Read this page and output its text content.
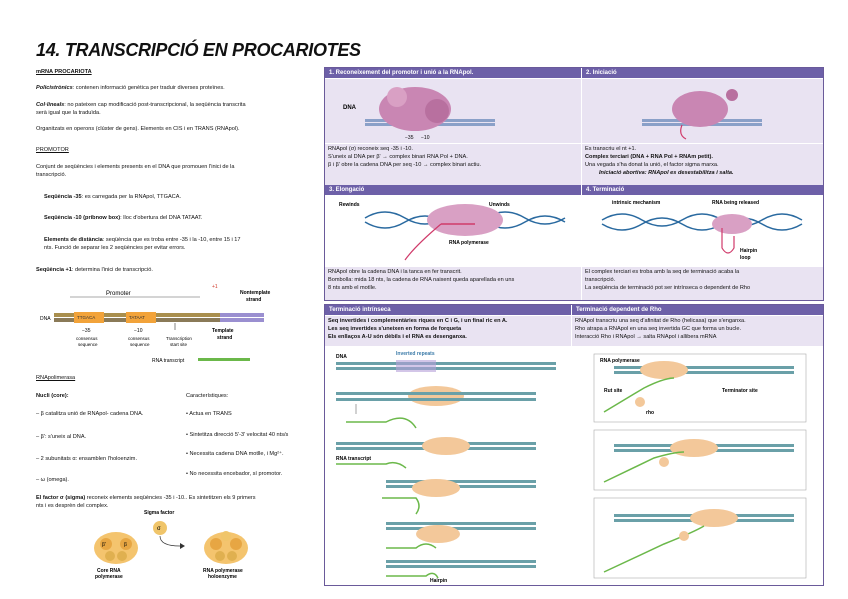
14. TRANSCRIPCIÓ EN PROCARIOTES
mRNA PROCARIOTA
Policistrònics: contenen informació genètica per traduir diverses proteïnes.
Col·lineals: no pateixen cap modificació post-transcripcional, la seqüència transcrita
serà igual que la traduïda.
Organitzats en operons (clúster de gens). Elements en CIS i en TRANS (RNApol).
PROMOTOR
Conjunt de seqüències i elements presents en el DNA que promouen l'inici de la
transcripció.
Seqüència -35: es carregada per la RNApol, TTGACA.
Seqüència -10 (pribnow box): lloc d'obertura del DNA TATAAT.
Elements de distància: seqüència que es troba entre -35 i la -10, entre 15 i 17
nts. Funció de separar les 2 seqüències per evitar errors.
Seqüència +1: determina l'inici de transcripció.
+1
Promoter	Nontemplate
strand
DNA	TTGACA	TATAAT
−35	−10
consensus
sequence
consensus
sequence
Transcription
start site
Template
strand
RNA transcript
RNApolimerasa
Nucli (core):
– β catalitza unió de RNApol- cadena DNA.
– β': s'uneix al DNA.
– 2 subunitats α: ensamblen l'holoenzim.
– ω (omega).
Característiques:
• Actua en TRANS
• Sintetitza direcció 5'-3' velocitat 40 nts/s
• Necessita cadena DNA motlle, i Mg²⁺.
• No necessita encebador, sí promotor.
El factor σ (sigma) reconeix elements seqüències -35 i -10.. Es sintetitzen els 9 primers
nts i es desprèn del complex.
Sigma factor
σ
β'	β
Core RNA
polymerase
RNA polymerase
holoenzyme
1. Reconeixement del promotor i unió a la RNApol.	2. Iniciació
DNA
−35 −10
RNApol (σ) reconeix seq -35 i -10.
S'uneix al DNA per β' → complex binari RNA Pol + DNA.
β i β' obre la cadena DNA per seq -10 → complex binari actiu.
Es transcriu el nt +1.
Complex terciari (DNA + RNA Pol + RNAm petit).
Una vegada s'ha donat la unió, el factor sigma marxa.
Iniciació abortiva: RNApol es desestabilitza i salta.
3. Elongació	4. Terminació
Rewinds	Unwinds
RNA polymerase
intrinsic mechanism	RNA being released
Hairpin
loop
RNApol obre la cadena DNA i la tanca en fer transcrit.
Bombolla: mida 18 nts, la cadena de RNA naixent queda aparellada en uns
8 nts amb el motlle.
El complex terciari es troba amb la seq de terminació acaba la
transcripció.
La seqüència de terminació pot ser intrínseca o dependent de Rho
Terminació intrínseca	Terminació dependent de Rho
Seq invertides i complementàries riques en C i G, i un final ric en A.
Les seq invertides s'uneixen en forma de forqueta
Els enllaços A-U són dèbils i el RNA es desenganxa.
RNApol transcriu una seq d'afinitat de Rho (helicasa) que s'enganxa.
Rho atrapa a RNApol en una seq invertida GC que forma un bucle.
Interacció Rho i RNApol → salta RNApol i allibera mRNA
DNA	Inverted repeats
RNA transcript
Hairpin
RNA polymerase
Rut site	Terminator site
rho
